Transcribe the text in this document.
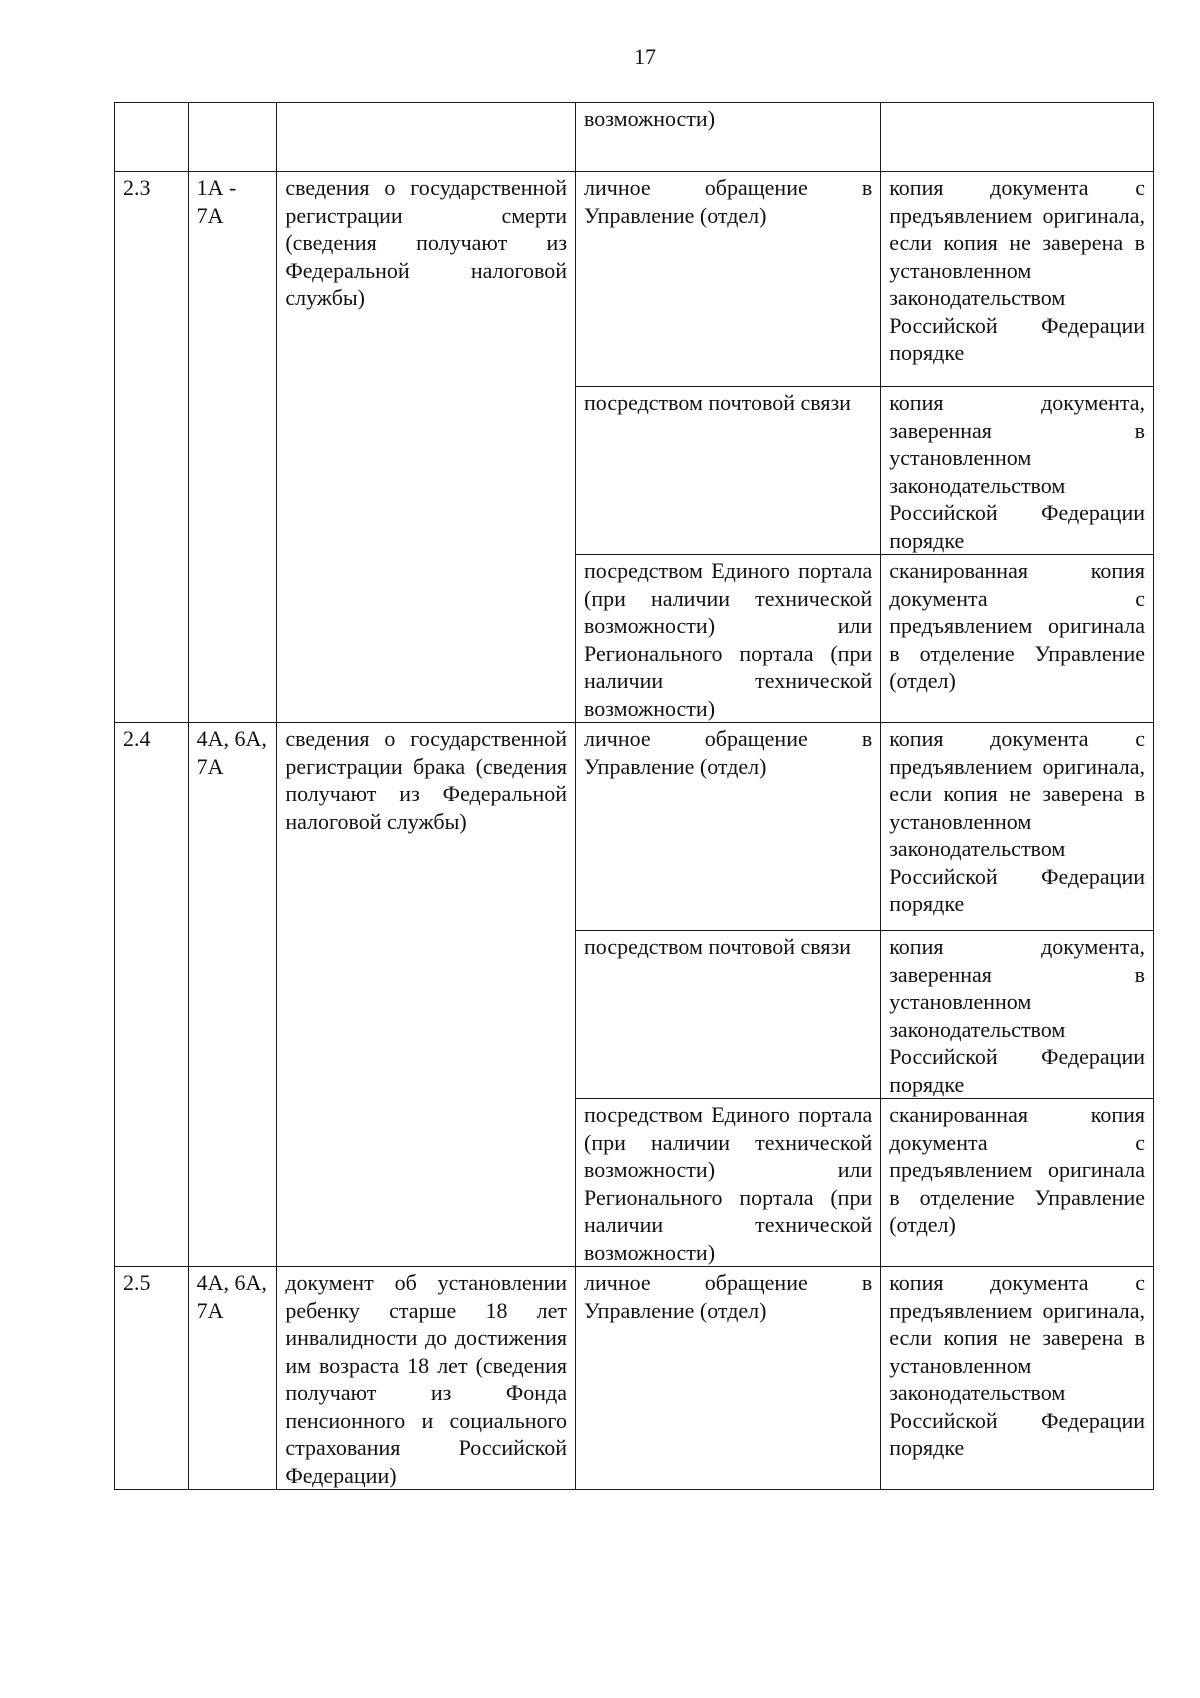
17
			возможности)	
2.3	1А - 7А	сведения о государственной регистрации смерти (сведения получают из Федеральной налоговой службы)	личное обращение в Управление (отдел)	копия документа с предъявлением оригинала, если копия не заверена в установленном законодательством Российской Федерации порядке
			посредством почтовой связи	копия документа, заверенная в установленном законодательством Российской Федерации порядке
			посредством Единого портала (при наличии технической возможности) или Регионального портала (при наличии технической возможности)	сканированная копия документа с предъявлением оригинала в отделение Управление (отдел)
2.4	4А, 6А, 7А	сведения о государственной регистрации брака (сведения получают из Федеральной налоговой службы)	личное обращение в Управление (отдел)	копия документа с предъявлением оригинала, если копия не заверена в установленном законодательством Российской Федерации порядке
			посредством почтовой связи	копия документа, заверенная в установленном законодательством Российской Федерации порядке
			посредством Единого портала (при наличии технической возможности) или Регионального портала (при наличии технической возможности)	сканированная копия документа с предъявлением оригинала в отделение Управление (отдел)
2.5	4А, 6А, 7А	документ об установлении ребенку старше 18 лет инвалидности до достижения им возраста 18 лет (сведения получают из Фонда пенсионного и социального страхования Российской Федерации)	личное обращение в Управление (отдел)	копия документа с предъявлением оригинала, если копия не заверена в установленном законодательством Российской Федерации порядке
